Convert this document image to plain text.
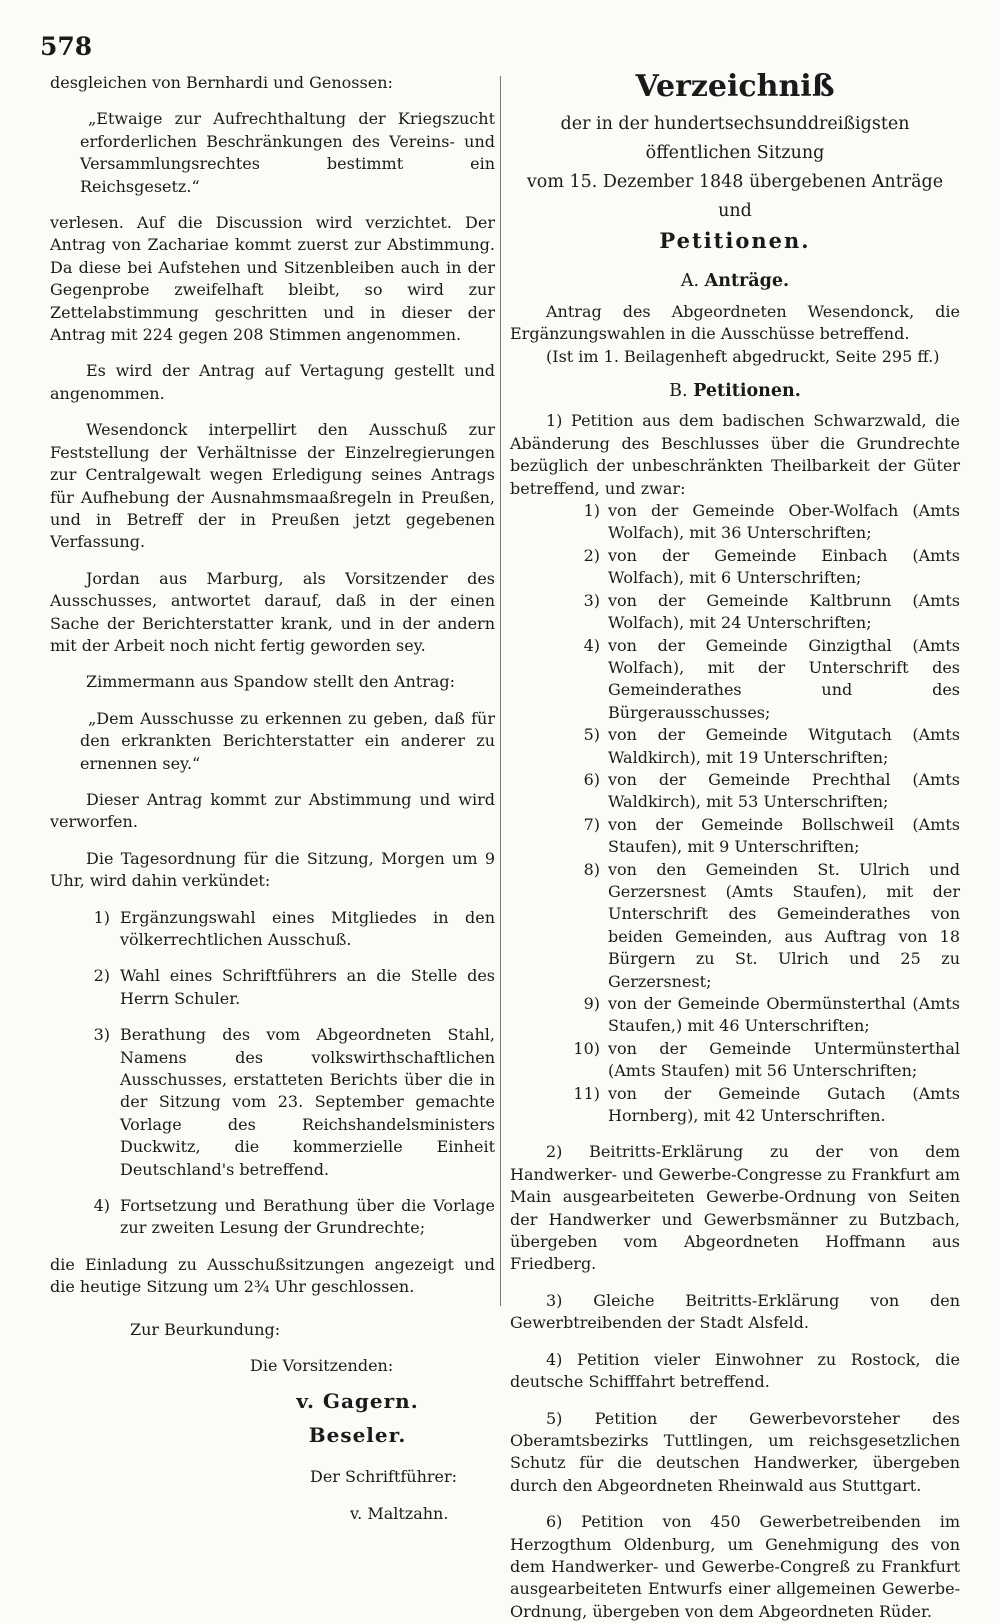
578

desgleichen von Bernhardi und Genossen:

„Etwaige zur Aufrechthaltung der Kriegszucht erforderlichen Beschränkungen des Vereins- und Versammlungsrechtes bestimmt ein Reichsgesetz.“

verlesen. Auf die Discussion wird verzichtet. Der Antrag von Zachariae kommt zuerst zur Abstimmung. Da diese bei Aufstehen und Sitzenbleiben auch in der Gegenprobe zweifelhaft bleibt, so wird zur Zettelabstimmung geschritten und in dieser der Antrag mit 224 gegen 208 Stimmen angenommen.

Es wird der Antrag auf Vertagung gestellt und angenommen.

Wesendonck interpellirt den Ausschuß zur Feststellung der Verhältnisse der Einzelregierungen zur Centralgewalt wegen Erledigung seines Antrags für Aufhebung der Ausnahmsmaaßregeln in Preußen, und in Betreff der in Preußen jetzt gegebenen Verfassung.

Jordan aus Marburg, als Vorsitzender des Ausschusses, antwortet darauf, daß in der einen Sache der Berichterstatter krank, und in der andern mit der Arbeit noch nicht fertig geworden sey.

Zimmermann aus Spandow stellt den Antrag:

„Dem Ausschusse zu erkennen zu geben, daß für den erkrankten Berichterstatter ein anderer zu ernennen sey.“

Dieser Antrag kommt zur Abstimmung und wird verworfen.

Die Tagesordnung für die Sitzung, Morgen um 9 Uhr, wird dahin verkündet:

1) Ergänzungswahl eines Mitgliedes in den völkerrechtlichen Ausschuß.
2) Wahl eines Schriftführers an die Stelle des Herrn Schuler.
3) Berathung des vom Abgeordneten Stahl, Namens des volkswirthschaftlichen Ausschusses, erstatteten Berichts über die in der Sitzung vom 23. September gemachte Vorlage des Reichshandelsministers Duckwitz, die kommerzielle Einheit Deutschland's betreffend.
4) Fortsetzung und Berathung über die Vorlage zur zweiten Lesung der Grundrechte;

die Einladung zu Ausschußsitzungen angezeigt und die heutige Sitzung um 2¾ Uhr geschlossen.

Zur Beurkundung:

Die Vorsitzenden:

v. Gagern.
Beseler.

Der Schriftführer:

v. Maltzahn.

Verzeichniß
der in der hundertsechsunddreißigsten öffentlichen Sitzung
vom 15. Dezember 1848 übergebenen Anträge und
Petitionen.
A. Anträge.

Antrag des Abgeordneten Wesendonck, die Ergänzungswahlen in die Ausschüsse betreffend.

(Ist im 1. Beilagenheft abgedruckt, Seite 295 ff.)

B. Petitionen.

1) Petition aus dem badischen Schwarzwald, die Abänderung des Beschlusses über die Grundrechte bezüglich der unbeschränkten Theilbarkeit der Güter betreffend, und zwar:

1) von der Gemeinde Ober-Wolfach (Amts Wolfach), mit 36 Unterschriften;
2) von der Gemeinde Einbach (Amts Wolfach), mit 6 Unterschriften;
3) von der Gemeinde Kaltbrunn (Amts Wolfach), mit 24 Unterschriften;
4) von der Gemeinde Ginzigthal (Amts Wolfach), mit der Unterschrift des Gemeinderathes und des Bürgerausschusses;
5) von der Gemeinde Witgutach (Amts Waldkirch), mit 19 Unterschriften;
6) von der Gemeinde Prechthal (Amts Waldkirch), mit 53 Unterschriften;
7) von der Gemeinde Bollschweil (Amts Staufen), mit 9 Unterschriften;
8) von den Gemeinden St. Ulrich und Gerzersnest (Amts Staufen), mit der Unterschrift des Gemeinderathes von beiden Gemeinden, aus Auftrag von 18 Bürgern zu St. Ulrich und 25 zu Gerzersnest;
9) von der Gemeinde Obermünsterthal (Amts Staufen,) mit 46 Unterschriften;
10) von der Gemeinde Untermünsterthal (Amts Staufen) mit 56 Unterschriften;
11) von der Gemeinde Gutach (Amts Hornberg), mit 42 Unterschriften.

2) Beitritts-Erklärung zu der von dem Handwerker- und Gewerbe-Congresse zu Frankfurt am Main ausgearbeiteten Gewerbe-Ordnung von Seiten der Handwerker und Gewerbsmänner zu Butzbach, übergeben vom Abgeordneten Hoffmann aus Friedberg.

3) Gleiche Beitritts-Erklärung von den Gewerbtreibenden der Stadt Alsfeld.

4) Petition vieler Einwohner zu Rostock, die deutsche Schifffahrt betreffend.

5) Petition der Gewerbevorsteher des Oberamtsbezirks Tuttlingen, um reichsgesetzlichen Schutz für die deutschen Handwerker, übergeben durch den Abgeordneten Rheinwald aus Stuttgart.

6) Petition von 450 Gewerbetreibenden im Herzogthum Oldenburg, um Genehmigung des von dem Handwerker- und Gewerbe-Congreß zu Frankfurt ausgearbeiteten Entwurfs einer allgemeinen Gewerbe-Ordnung, übergeben von dem Abgeordneten Rüder.
